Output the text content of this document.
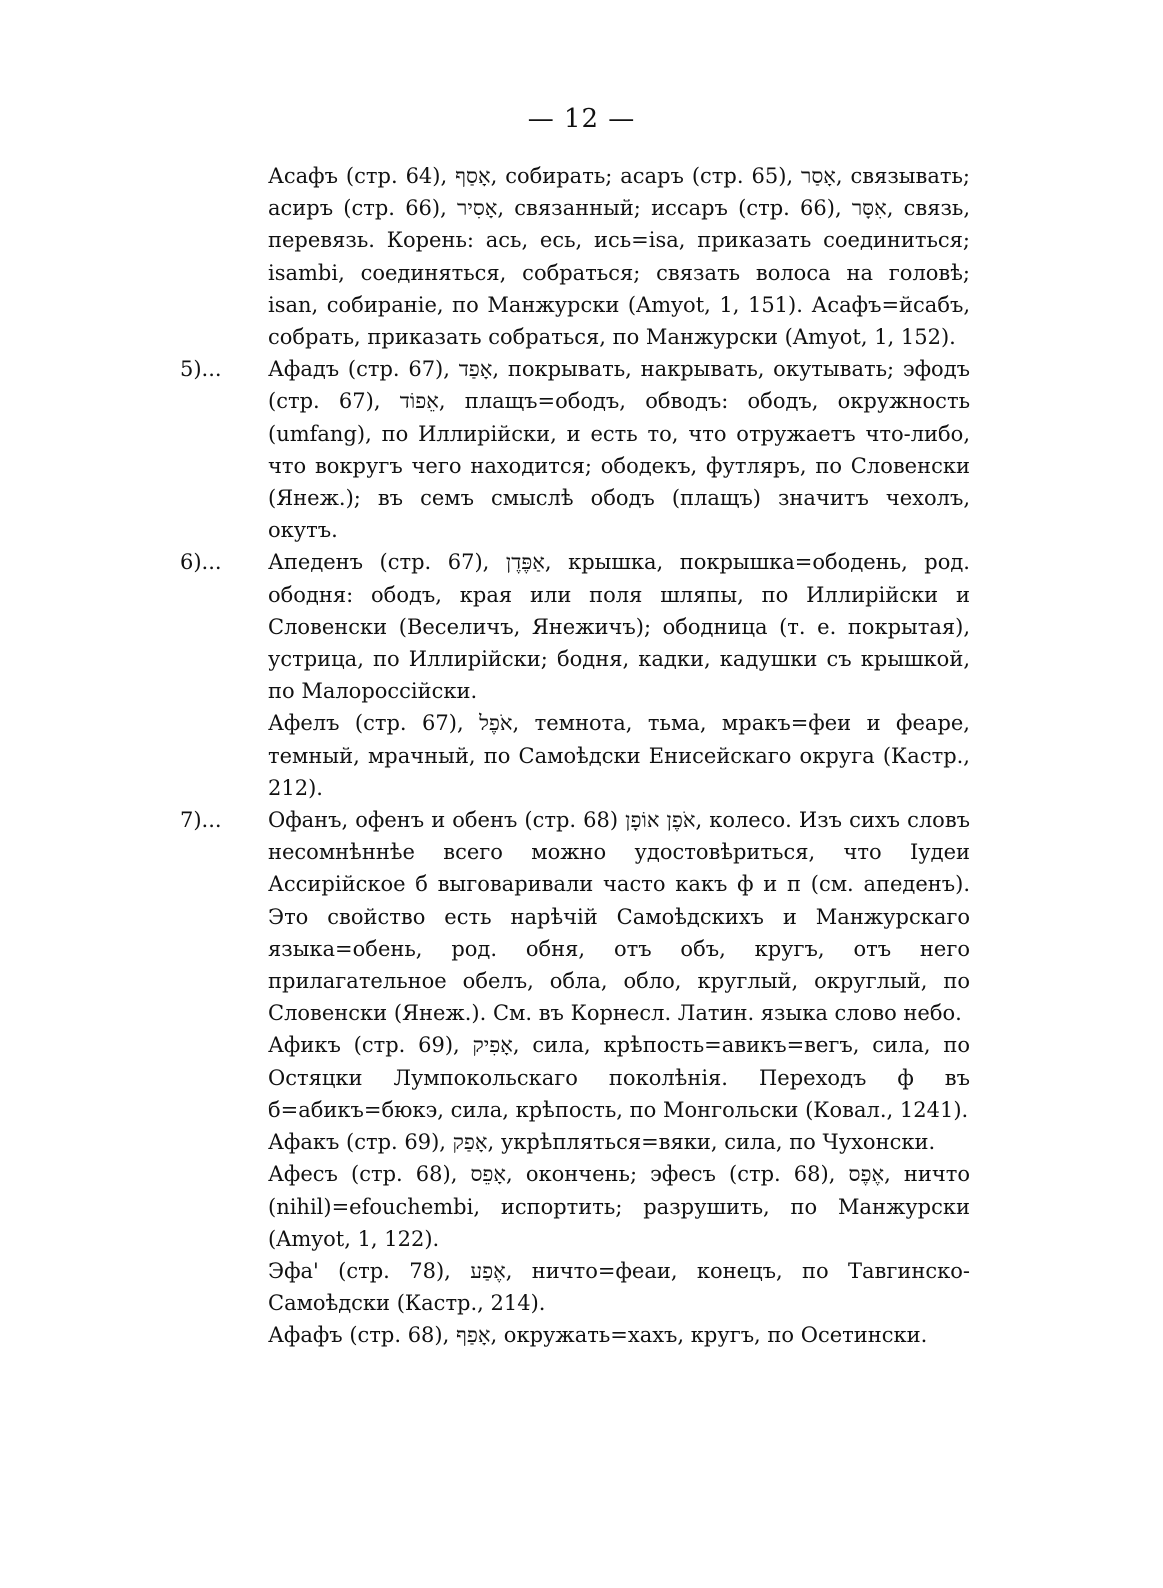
— 12 —
Асафъ (стр. 64), אָסַף, собирать; асаръ (стр. 65), אָסַר, связывать; асиръ (стр. 66), אָסִיר, связанный; иссаръ (стр. 66), אִסָּר, связь, перевязь. Корень: ась, есь, ись=isa, приказать соединиться; isambi, соединяться, собраться; связать волоса на головѣ; isan, собираніе, по Манжурски (Amyot, 1, 151). Асафъ=йсабъ, собрать, приказать собраться, по Манжурски (Amyot, 1, 152).
5)...	Афадъ (стр. 67), אָפַד, покрывать, накрывать, окутывать; эфодъ (стр. 67), אֵפוֹד, плащъ=ободъ, обводъ: ободъ, окружность (umfang), по Иллирійски, и есть то, что отружаетъ что-либо, что вокругъ чего находится; ободекъ, футляръ, по Словенски (Янеж.); въ семъ смыслѣ ободъ (плащъ) значитъ чехолъ, окутъ.
6)...	Апеденъ (стр. 67), אַפֶּדֶן, крышка, покрышка=ободень, род. ободня: ободъ, края или поля шляпы, по Иллирійски и Словенски (Веселичъ, Янежичъ); ободница (т. е. покрытая), устрица, по Иллирійски; бодня, кадки, кадушки съ крышкой, по Малороссійски.
Афелъ (стр. 67), אֹפֶל, темнота, тьма, мракъ=феи и феаре, темный, мрачный, по Самоѣдски Енисейскаго округа (Кастр., 212).
7)...	Офанъ, офенъ и обенъ (стр. 68) אֹפֶן אוֹפָן, колесо. Изъ сихъ словъ несомнѣннѣе всего можно удостовѣриться, что Іудеи Ассирійское б выговаривали часто какъ ф и п (см. апеденъ). Это свойство есть нарѣчій Самоѣдскихъ и Манжурскаго языка=обень, род. обня, отъ объ, кругъ, отъ него прилагательное обелъ, обла, обло, круглый, округлый, по Словенски (Янеж.). См. въ Корнесл. Латин. языка слово небо.
Афикъ (стр. 69), אָפִיק, сила, крѣпость=авикъ=вегъ, сила, по Остяцки Лумпокольскаго поколѣнія. Переходъ ф въ б=абикъ=бюкэ, сила, крѣпость, по Монгольски (Ковал., 1241).
Афакъ (стр. 69), אָפַק, укрѣпляться=вяки, сила, по Чухонски.
Афесъ (стр. 68), אָפֵס, окончень; эфесъ (стр. 68), אֶפֶס, ничто (nihil)=efouchembi, испортить; разрушить, по Манжурски (Amyot, 1, 122).
Эфа' (стр. 78), אֶפַע, ничто=феаи, конецъ, по Тавгинско-Самоѣдски (Кастр., 214).
Афафъ (стр. 68), אָפַף, окружать=хахъ, кругъ, по Осетински.
